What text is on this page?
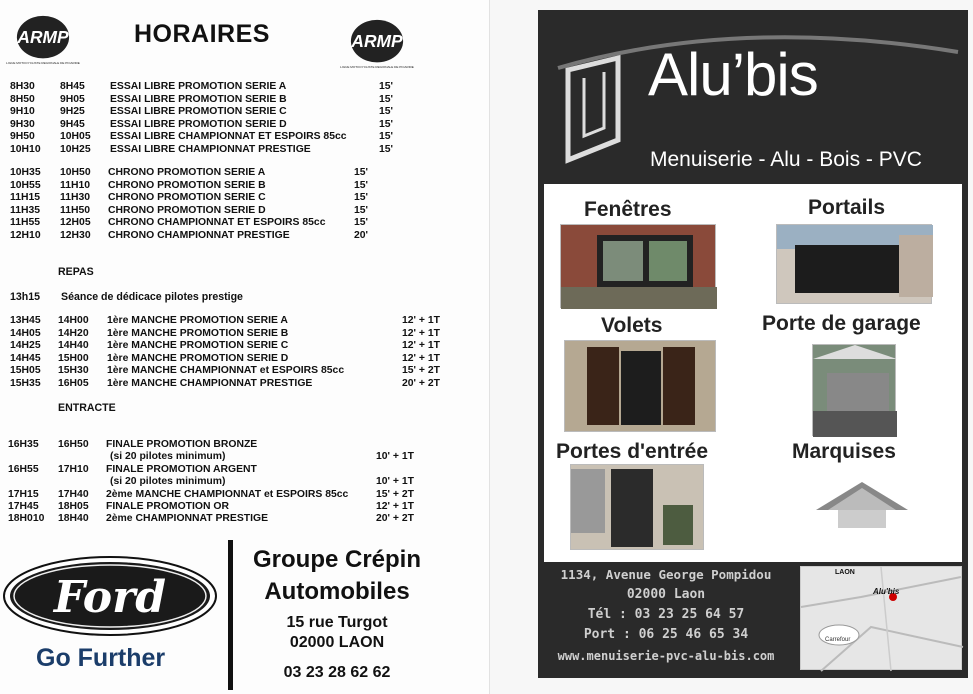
ARMP
LIGUE MOTOCYCLISTE REGIONALE DE PICARDIE
HORAIRES	ARMP
LIGUE MOTOCYCLISTE REGIONALE DE PICARDIE
8H30 8H45 ESSAI LIBRE PROMOTION SERIE A	15'
8H50 9H05 ESSAI LIBRE PROMOTION SERIE B	15'
9H10 9H25 ESSAI LIBRE PROMOTION SERIE C	15'
9H30 9H45 ESSAI LIBRE PROMOTION SERIE D	15'
9H50 10H05 ESSAI LIBRE CHAMPIONNAT ET ESPOIRS 85cc	15'
10H10 10H25 ESSAI LIBRE CHAMPIONNAT PRESTIGE	15'
10H35 10H50 CHRONO PROMOTION SERIE A	15'
10H55 11H10 CHRONO PROMOTION SERIE B	15'
11H15 11H30 CHRONO PROMOTION SERIE C	15'
11H35 11H50 CHRONO PROMOTION SERIE D	15'
11H55 12H05 CHRONO CHAMPIONNAT ET ESPOIRS 85cc	15'
12H10 12H30 CHRONO CHAMPIONNAT PRESTIGE	20'
13H45 14H00 1ère MANCHE PROMOTION SERIE A	12' + 1T
14H05 14H20 1ère MANCHE PROMOTION SERIE B	12' + 1T
14H25 14H40 1ère MANCHE PROMOTION SERIE C	12' + 1T
14H45 15H00 1ère MANCHE PROMOTION SERIE D	12' + 1T
15H05 15H30 1ère MANCHE CHAMPIONNAT et ESPOIRS 85cc	15' + 2T
15H35 16H05 1ère MANCHE CHAMPIONNAT PRESTIGE	20' + 2T
16H35 16H50 FINALE PROMOTION BRONZE
(si 20 pilotes minimum)	10' + 1T
16H55 17H10 FINALE PROMOTION ARGENT
(si 20 pilotes minimum)	10' + 1T
17H15 17H40 2ème MANCHE CHAMPIONNAT et ESPOIRS 85cc	15' + 2T
17H45 18H05 FINALE PROMOTION OR	12' + 1T
18H010 18H40 2ème CHAMPIONNAT PRESTIGE	20' + 2T
REPAS
13h15 Séance de dédicace pilotes prestige
ENTRACTE
Ford
Go Further
Groupe Crépin
Automobiles
15 rue Turgot
02000 LAON
03 23 28 62 62
Alu’bis
Menuiserie - Alu - Bois - PVC
Fenêtres	Portails
Volets	Porte de garage
Portes d'entrée	Marquises
1134, Avenue George Pompidou
02000 Laon
Tél : 03 23 25 64 57
Port : 06 25 46 65 34
www.menuiserie-pvc-alu-bis.com
LAON
Alu'bis
Carrefour
